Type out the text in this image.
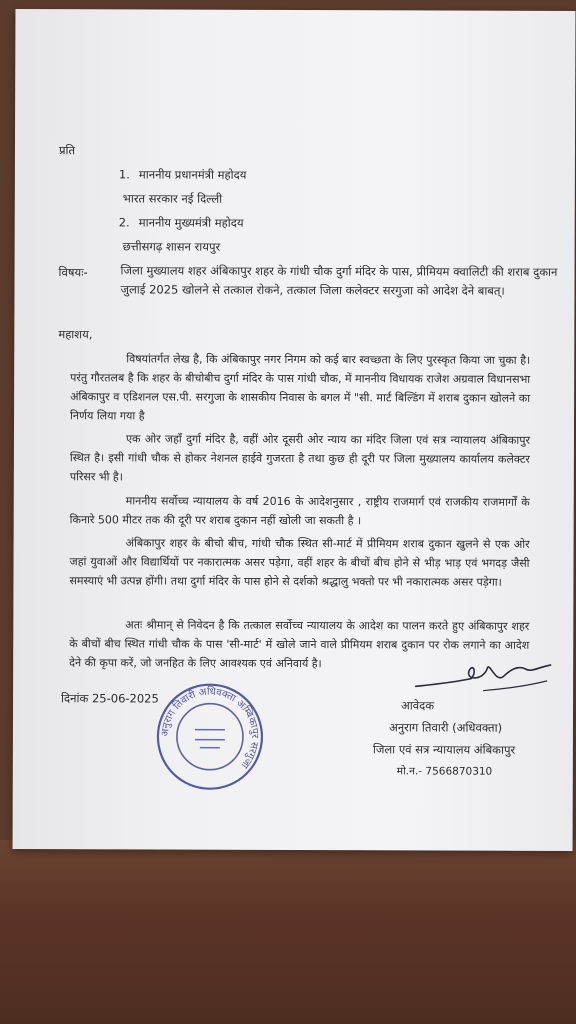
प्रति
1. माननीय प्रधानमंत्री महोदय
भारत सरकार नई दिल्ली
2. माननीय मुख्यमंत्री महोदय
छत्तीसगढ़ शासन रायपुर
विषयः-	जिला मुख्यालय शहर अंबिकापुर शहर के गांधी चौक दुर्गा मंदिर के पास, प्रीमियम क्वालिटी की शराब दुकान जुलाई 2025 खोलने से तत्काल रोकने, तत्काल जिला कलेक्टर सरगुजा को आदेश देने बाबत्।
महाशय,
विषयांतर्गत लेख है, कि अंबिकापुर नगर निगम को कई बार स्वच्छता के लिए पुरस्कृत किया जा चुका है। परंतु गौरतलब है कि शहर के बीचोबीच दुर्गा मंदिर के पास गांधी चौक, में माननीय विधायक राजेश अग्रवाल विधानसभा अंबिकापुर व एडिशनल एस.पी. सरगुजा के शासकीय निवास के बगल में "सी. मार्ट बिल्डिंग में शराब दुकान खोलने का निर्णय लिया गया है
एक ओर जहाँ दुर्गा मंदिर है, वहीं ओर दूसरी ओर न्याय का मंदिर जिला एवं सत्र न्यायालय अंबिकापुर स्थित है। इसी गांधी चौक से होकर नेशनल हाईवे गुजरता है तथा कुछ ही दूरी पर जिला मुख्यालय कार्यालय कलेक्टर परिसर भी है।
माननीय सर्वोच्च न्यायालय के वर्ष 2016 के आदेशनुसार , राष्ट्रीय राजमार्ग एवं राजकीय राजमार्गों के किनारे 500 मीटर तक की दूरी पर शराब दुकान नहीं खोली जा सकती है ।
अंबिकापुर शहर के बीचो बीच, गांधी चौक स्थित सी-मार्ट में प्रीमियम शराब दुकान खुलने से एक ओर जहां युवाओं और विद्यार्थियों पर नकारात्मक असर पड़ेगा, वहीं शहर के बीचों बीच होने से भीड़ भाड़ एवं भगदड़ जैसी समस्याएं भी उत्पन्न होंगी। तथा दुर्गा मंदिर के पास होने से दर्शको श्रद्धालु भक्तो पर भी नकारात्मक असर पड़ेगा।
अतः श्रीमान् से निवेदन है कि तत्काल सर्वोच्च न्यायालय के आदेश का पालन करते हुए अंबिकापुर शहर के बीचों बीच स्थित गांधी चौक के पास 'सी-मार्ट' में खोले जाने वाले प्रीमियम शराब दुकान पर रोक लगाने का आदेश देने की कृपा करें, जो जनहित के लिए आवश्यक एवं अनिवार्य है।
दिनांक 25-06-2025	आवेदक
अनुराग तिवारी (अधिवक्ता)
जिला एवं सत्र न्यायालय अंबिकापुर
मो.न.- 7566870310
अनुराग तिवारी अधिवक्ता अम्बिकापुर सरगुजा
